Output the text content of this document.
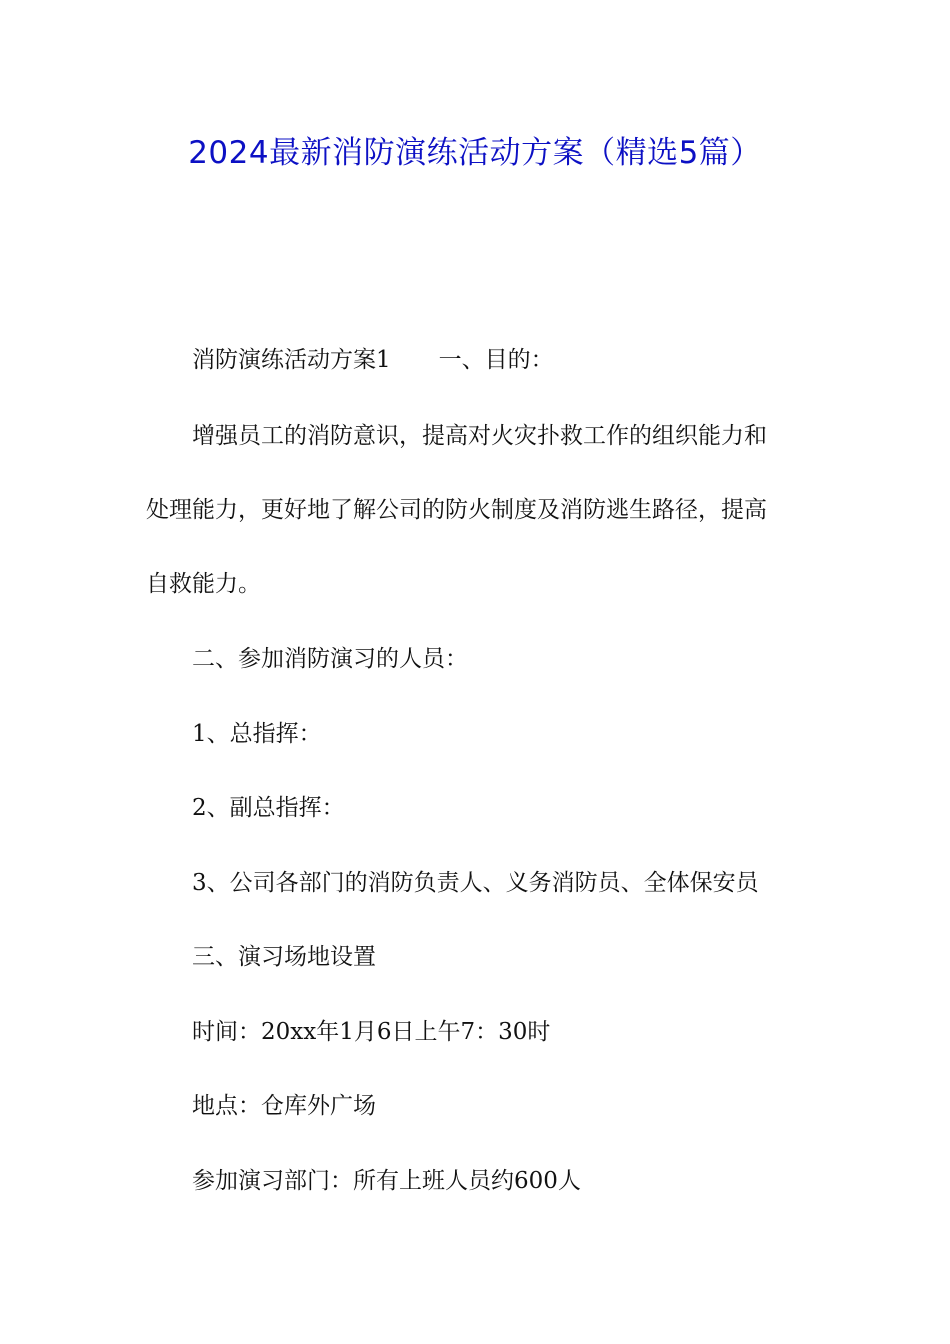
2024最新消防演练活动方案（精选5篇）
消防演练活动方案1 一、目的：
增强员工的消防意识，提高对火灾扑救工作的组织能力和
处理能力，更好地了解公司的防火制度及消防逃生路径，提高
自救能力。
二、参加消防演习的人员：
1、总指挥：
2、副总指挥：
3、公司各部门的消防负责人、义务消防员、全体保安员
三、演习场地设置
时间：20xx年1月6日上午7：30时
地点：仓库外广场
参加演习部门：所有上班人员约600人
